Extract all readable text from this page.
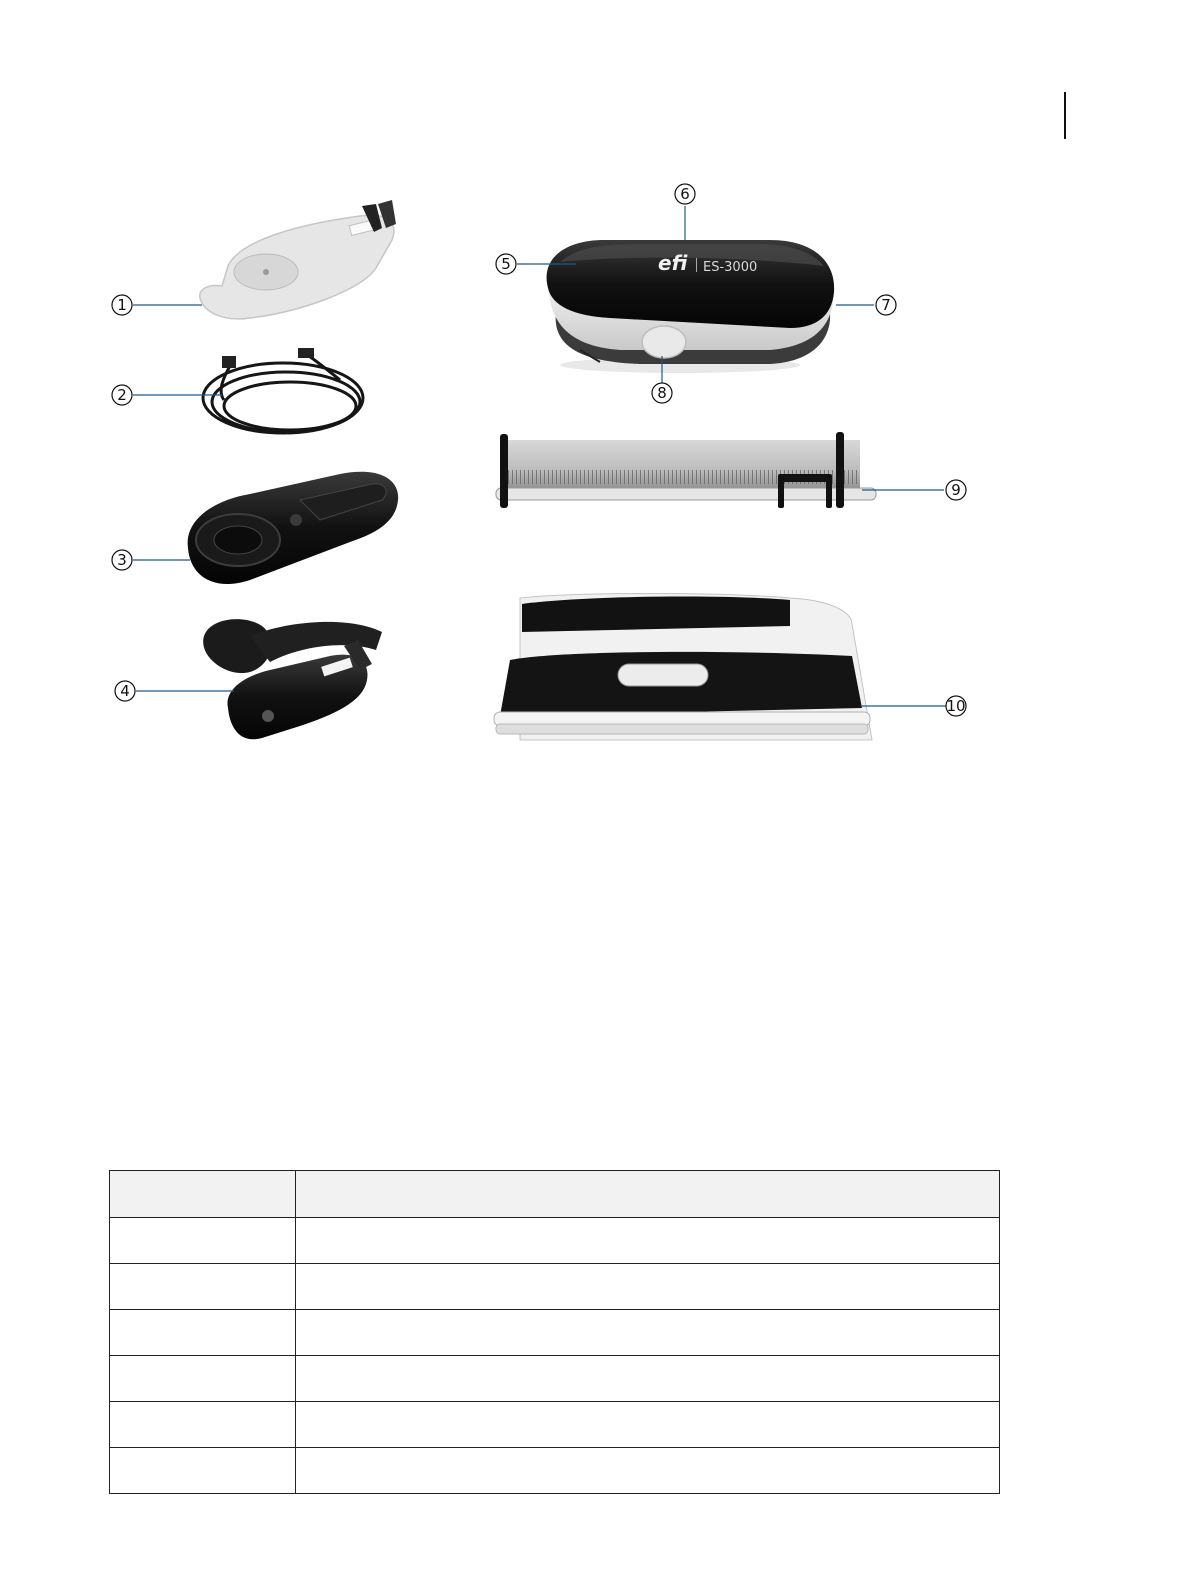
efi ES-3000
1
2
3
4
5
6
7
8
9
10
